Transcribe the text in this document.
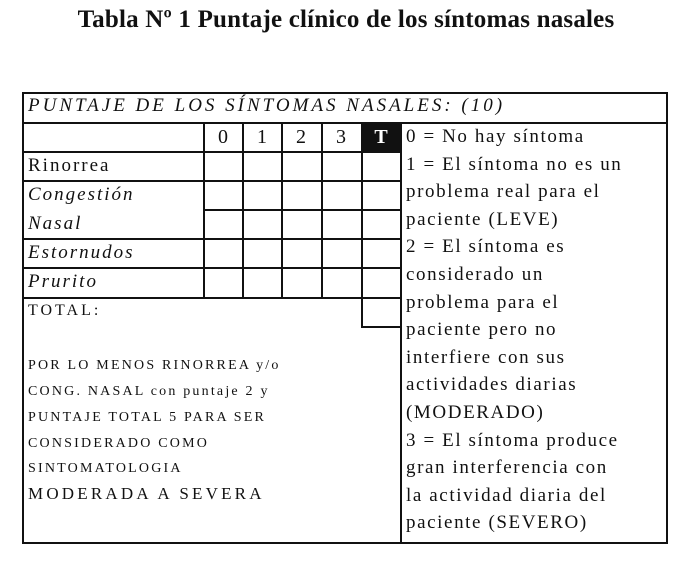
Tabla Nº 1 Puntaje clínico de los síntomas nasales
PUNTAJE DE LOS SÍNTOMAS NASALES: (10)
0	1	2	3	T
Rinorrea
Congestión
Nasal
Estornudos
Prurito
TOTAL:
POR LO MENOS RINORREA y/o
CONG. NASAL con puntaje 2 y
PUNTAJE TOTAL 5 PARA SER
CONSIDERADO COMO
SINTOMATOLOGIA
MODERADA A SEVERA
0 = No hay síntoma
1 = El síntoma no es un
problema real para el
paciente (LEVE)
2 = El síntoma es
considerado un
problema para el
paciente pero no
interfiere con sus
actividades diarias
(MODERADO)
3 = El síntoma produce
gran interferencia con
la actividad diaria del
paciente (SEVERO)
